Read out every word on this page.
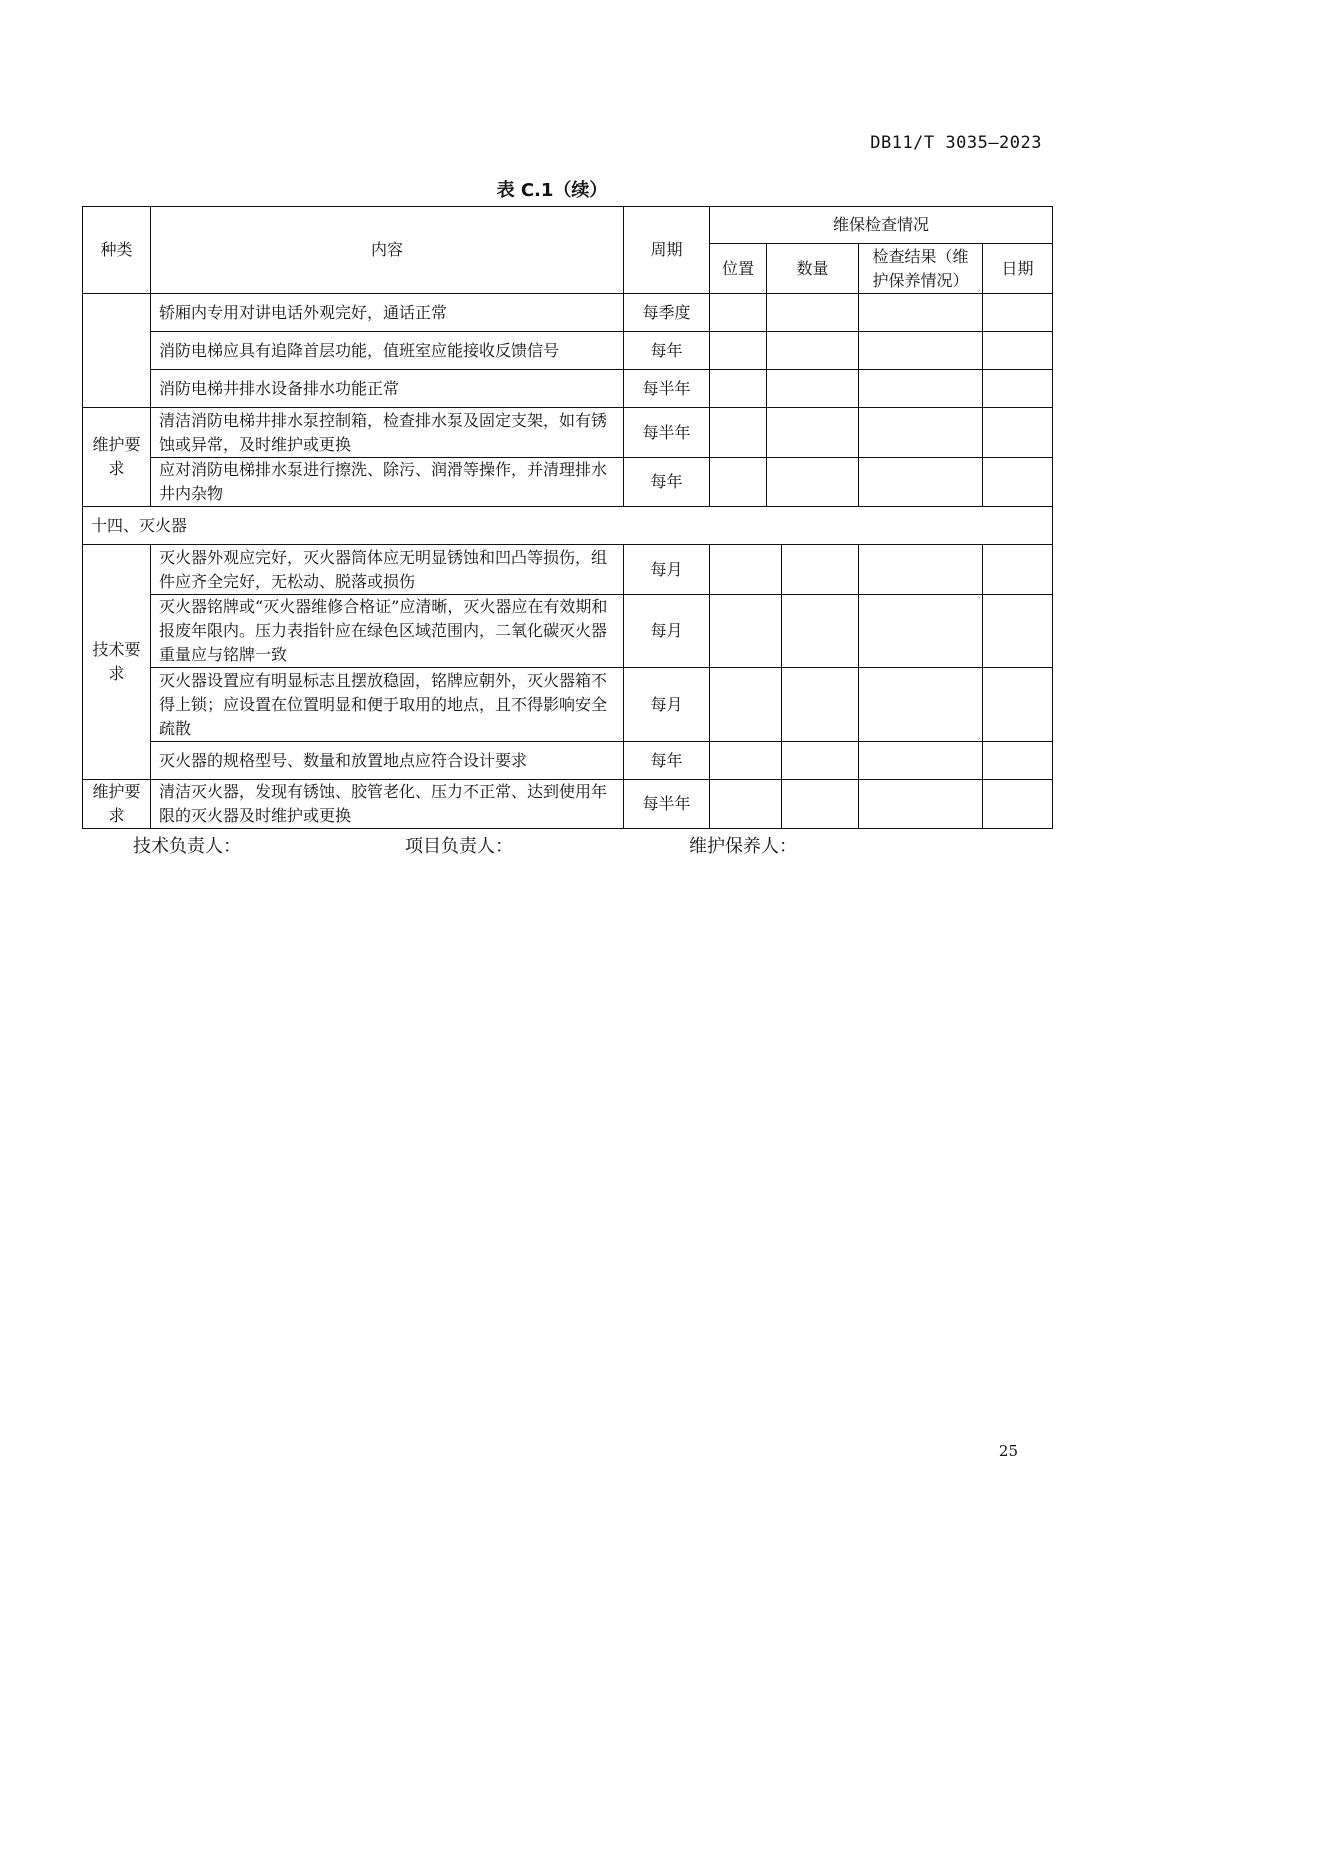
DB11/T 3035—2023
表 C.1（续）
种类	内容	周期	维保检查情况			
			位置	数量	检查结果（维护保养情况）	日期
	轿厢内专用对讲电话外观完好，通话正常	每季度				
	消防电梯应具有追降首层功能，值班室应能接收反馈信号	每年				
	消防电梯井排水设备排水功能正常	每半年				
维护要求	清洁消防电梯井排水泵控制箱，检查排水泵及固定支架，如有锈蚀或异常，及时维护或更换	每半年				
	应对消防电梯排水泵进行擦洗、除污、润滑等操作，并清理排水井内杂物	每年				
十四、灭火器						
技术要求	灭火器外观应完好，灭火器筒体应无明显锈蚀和凹凸等损伤，组件应齐全完好，无松动、脱落或损伤	每月				
	灭火器铭牌或“灭火器维修合格证”应清晰，灭火器应在有效期和报废年限内。压力表指针应在绿色区域范围内，二氧化碳灭火器重量应与铭牌一致	每月				
	灭火器设置应有明显标志且摆放稳固，铭牌应朝外，灭火器箱不得上锁；应设置在位置明显和便于取用的地点，且不得影响安全疏散	每月				
	灭火器的规格型号、数量和放置地点应符合设计要求	每年				
维护要求	清洁灭火器，发现有锈蚀、胶管老化、压力不正常、达到使用年限的灭火器及时维护或更换	每半年				
技术负责人：	项目负责人：	维护保养人：
25
